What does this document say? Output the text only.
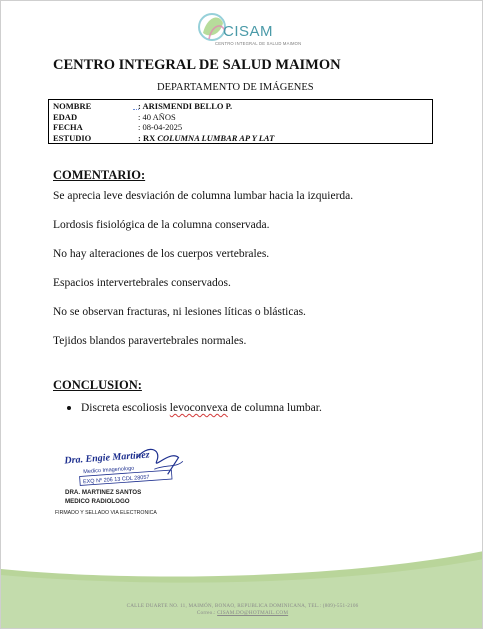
CISAM
CENTRO INTEGRAL DE SALUD MAIMON
CENTRO INTEGRAL DE SALUD MAIMON
DEPARTAMENTO DE IMÁGENES
NOMBRE	: ARISMENDI BELLO P.
EDAD	: 40 AÑOS
FECHA	: 08-04-2025
ESTUDIO	: RX COLUMNA LUMBAR AP Y LAT
COMENTARIO:
Se aprecia leve desviación de columna lumbar hacia la izquierda.
Lordosis fisiológica de la columna conservada.
No hay alteraciones de los cuerpos vertebrales.
Espacios intervertebrales conservados.
No se observan fracturas, ni lesiones líticas o blásticas.
Tejidos blandos paravertebrales normales.
CONCLUSION:
Discreta escoliosis levoconvexa de columna lumbar.
Dra. Engie Martinez
Medico Imagenologo
EXQ Nº 206 13 CDL 28057
DRA. MARTINEZ SANTOS
MEDICO RADIOLOGO
FIRMADO Y SELLADO VIA ELECTRONICA
CALLE DUARTE NO. 11, MAIMÓN, BONAO, REPUBLICA DOMINICANA, TEL.: (809)-551-2106
Correo.: CISAM.DO@HOTMAIL.COM
